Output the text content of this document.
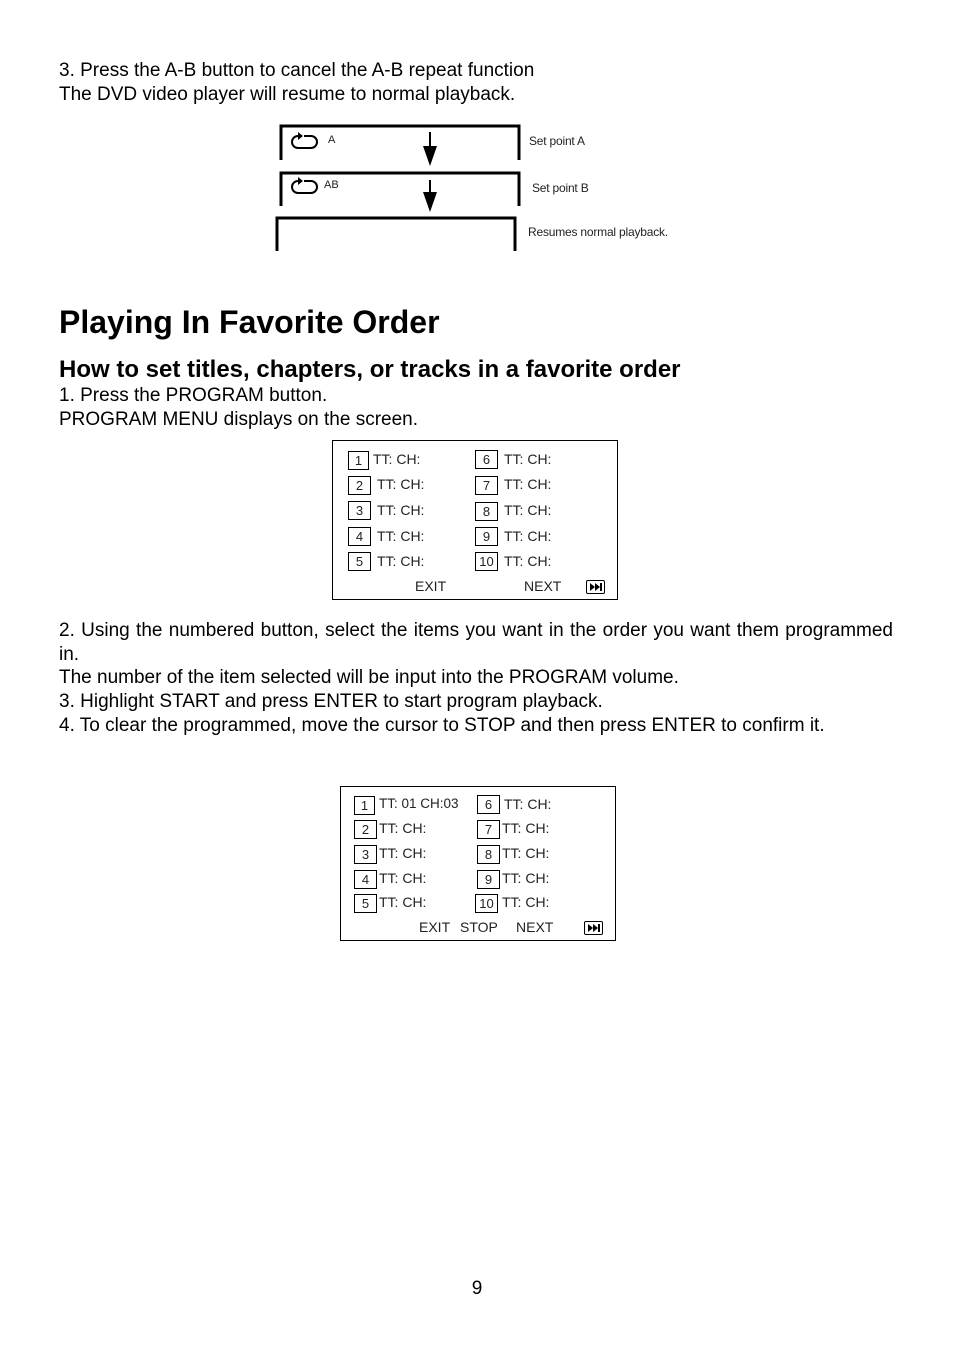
3. Press the A-B button to cancel the A-B repeat function

The DVD video player will resume to normal playback.

A
AB
Set point A
Set point B
Resumes normal playback.
Playing In Favorite Order
How to set titles, chapters, or tracks in a favorite order

1. Press the PROGRAM button.

PROGRAM MENU displays on the screen.

1 TT: CH:
2 TT: CH:
3 TT: CH:
4 TT: CH:
5 TT: CH:
6 TT: CH:
7 TT: CH:
8 TT: CH:
9 TT: CH:
10 TT: CH:
EXIT	NEXT

2. Using the numbered button, select the items you want in the order you want them programmed in.

The number of the item selected will be input into the PROGRAM volume.

3. Highlight START and press ENTER to start program playback.

4. To clear the programmed, move the cursor to STOP and then press ENTER to confirm it.

1 TT: 01 CH:03
2 TT: CH:
3 TT: CH:
4 TT: CH:
5 TT: CH:
6 TT: CH:
7 TT: CH:
8 TT: CH:
9 TT: CH:
10 TT: CH:
EXIT STOP NEXT
9
